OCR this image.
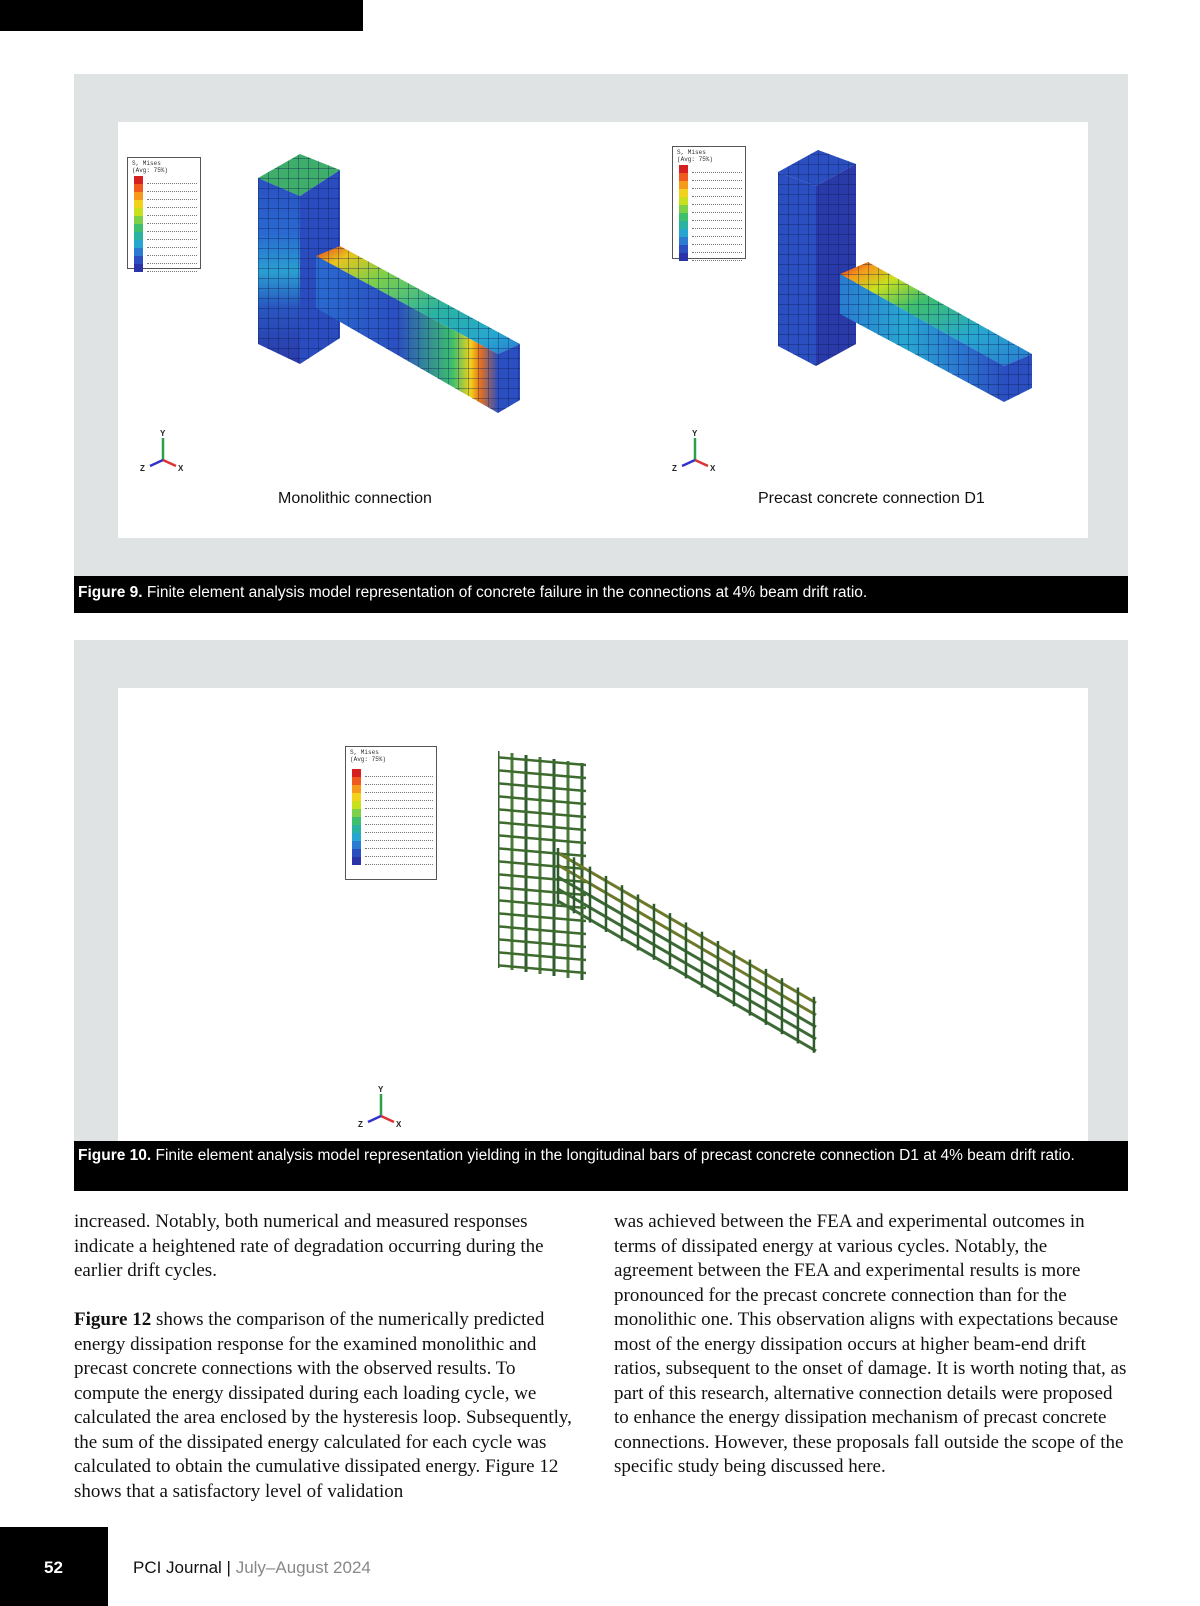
S, Mises
(Avg: 75%)
Y
Z	X
Monolithic connection
S, Mises
(Avg: 75%)
Y
Z	X
Precast concrete connection D1
Figure 9. Finite element analysis model representation of concrete failure in the connections at 4% beam drift ratio.
S, Mises
(Avg: 75%)
Y
Z	X
Figure 10. Finite element analysis model representation yielding in the longitudinal bars of precast concrete connection D1 at 4% beam drift ratio.

increased. Notably, both numerical and measured responses indicate a heightened rate of degradation occurring during the earlier drift cycles.

Figure 12 shows the comparison of the numerically predicted energy dissipation response for the examined monolithic and precast concrete connections with the observed results. To compute the energy dissipated during each loading cycle, we calculated the area enclosed by the hysteresis loop. Subsequently, the sum of the dissipated energy calculated for each cycle was calculated to obtain the cumulative dissipated energy. Figure 12 shows that a satisfactory level of validation

was achieved between the FEA and experimental outcomes in terms of dissipated energy at various cycles. Notably, the agreement between the FEA and experimental results is more pronounced for the precast concrete connection than for the monolithic one. This observation aligns with expectations because most of the energy dissipation occurs at higher beam-end drift ratios, subsequent to the onset of damage. It is worth noting that, as part of this research, alternative connection details were proposed to enhance the energy dissipation mechanism of precast concrete connections. However, these proposals fall outside the scope of the specific study being discussed here.

52	PCI Journal | July–August 2024
